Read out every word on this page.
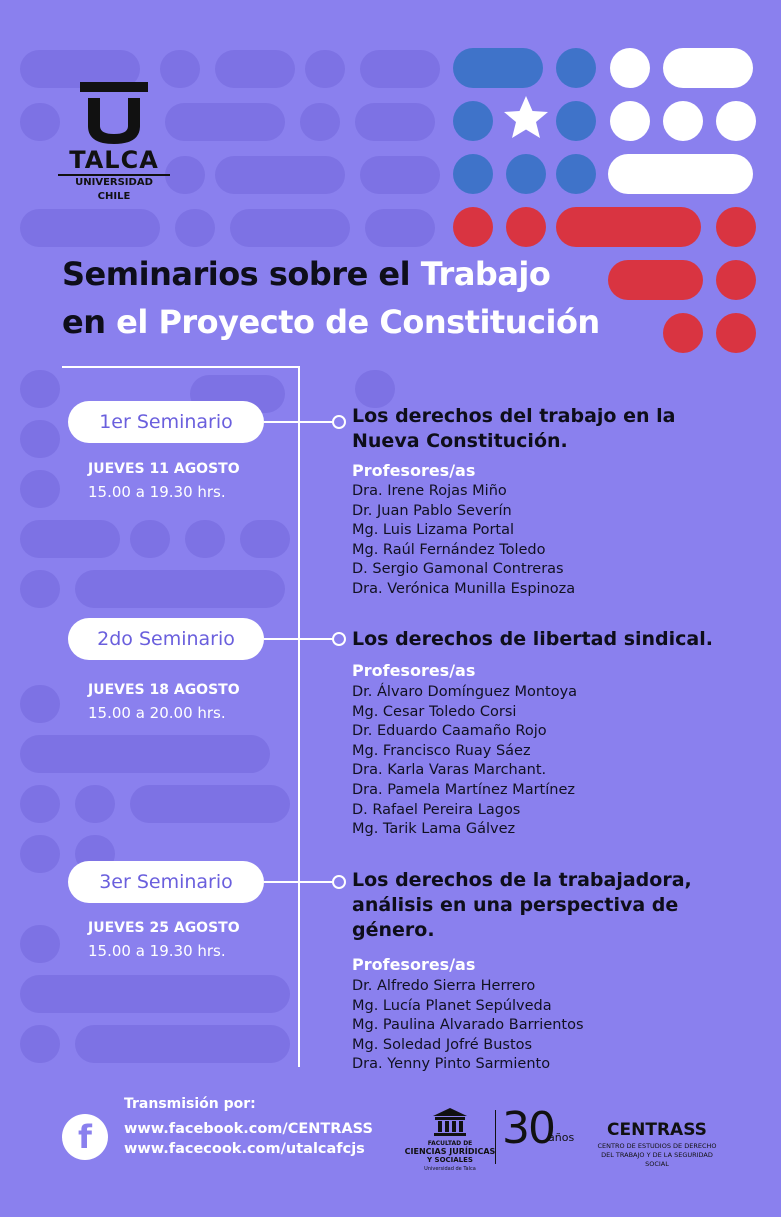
TALCA
UNIVERSIDAD
CHILE
Seminarios sobre el Trabajo
en el Proyecto de Constitución
1er Seminario
JUEVES 11 AGOSTO
15.00 a 19.30 hrs.
Los derechos del trabajo en la Nueva Constitución.
Profesores/as
Dra. Irene Rojas Miño
Dr. Juan Pablo Severín
Mg. Luis Lizama Portal
Mg. Raúl Fernández Toledo
D. Sergio Gamonal Contreras
Dra. Verónica Munilla Espinoza
2do Seminario
JUEVES 18 AGOSTO
15.00 a 20.00 hrs.
Los derechos de libertad sindical.
Profesores/as
Dr. Álvaro Domínguez Montoya
Mg. Cesar Toledo Corsi
Dr. Eduardo Caamaño Rojo
Mg. Francisco Ruay Sáez
Dra. Karla Varas Marchant.
Dra. Pamela Martínez Martínez
D. Rafael Pereira Lagos
Mg. Tarik Lama Gálvez
3er Seminario
JUEVES 25 AGOSTO
15.00 a 19.30 hrs.
Los derechos de la trabajadora, análisis en una perspectiva de género.
Profesores/as
Dr. Alfredo Sierra Herrero
Mg. Lucía Planet Sepúlveda
Mg. Paulina Alvarado Barrientos
Mg. Soledad Jofré Bustos
Dra. Yenny Pinto Sarmiento
f
Transmisión por:
www.facebook.com/CENTRASS
www.facecook.com/utalcafcjs	FACULTAD DE
CIENCIAS JURÍDICAS
Y SOCIALES
Universidad de Talca
30
años	CENTRASS
CENTRO DE ESTUDIOS DE DERECHO
DEL TRABAJO Y DE LA SEGURIDAD SOCIAL
